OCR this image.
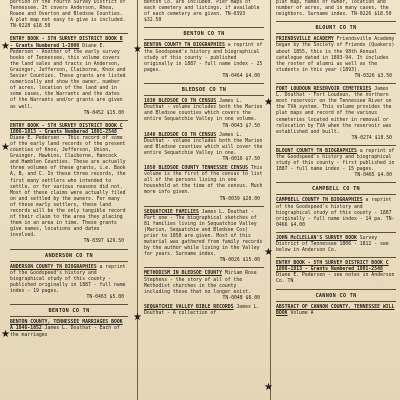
★
★
★
★
★
★
★
★
portion of the Fourth Survey District of Tennessee. It covers Anderson, Rhea, Roane and Overton and Bledsoe Counties. A plat map not easy to give is included. TN-0228 $18.50
ENTRY BOOK - 5TH SURVEY DISTRICT BOOK B - Grants Numbered 1-2000 Diane E. Pedersen - Another of the early survey books of Tennessee, this volume covers the land sales and tracts in Anderson, Grainger, Jefferson, Claiborne, Knox and Sevier Counties. These grants are listed numerically and show the owner, number of acres, location of the land and in some cases, the Warrants and the dates of the Warrants and/or grants are given as well.
TN-0452 $15.00
ENTRY BOOK - 5TH SURVEY DISTRICT BOOK C 1806-1813 - Grants Numbered 1801-2548 Diane E. Pedersen - This record of some of the early land records of the present counties of Knox, Jefferson, Union, Grainger, Hawkins, Claiborne, Hancock and Hamblen Counties. These are actually three volumes of these grants, i.e. Book A, B, and C. In these three records, the first many settlers who intended to settle, or for various reasons did not. Most of these claims were actually filed on and settled by the owners. For many of these early settlers, these land records will be the only tangible record of their claim to the area they placing them in an area in time. These grants give names, locations and dates involved.
TN-0397 $29.50
ANDERSON CO TN
ANDERSON COUNTY TN BIOGRAPHIES a reprint of the Goodspeed's history and biographical study of this county - published originally in 1887 - full name index - 19 pages.
TN-0463 $5.00
BENTON CO TN
BENTON COUNTY, TENNESSEE MARRIAGES BOOK A 1846-1852 James L. Douthat - Each of the marriages
Benton Co. are included. Pier maps of each cemetery and listings, if available of each cemetery are given. TN-0393 $32.50
BENTON CO TN
BENTON COUNTY TN BIOGRAPHIES a reprint of the Goodspeed's history and biographical study of this county - published originally in 1887 - full name index - 25 pages.
TN-0464 $4.00
BLEDSOE CO TN
1830 BLEDSOE CO TN CENSUS James L. Douthat - volume includes both the Marion and Bledsoe counties which covers the entire Sequatchie Valley in one volume.
TN-0043 $7.50
1840 BLEDSOE CO TN CENSUS James L. Douthat - volume includes both the Marion and Bledsoe counties which will cover the entire Sequatchie Valley in one.
TN-0016 $7.50
1850 BLEDSOE COUNTY TENNESSEE CENSUS This volume is the first of the census to list all of the persons living in one household at the time of the census. Much more info given.
TN-0039 $20.00
SEQUATCHIE FAMILIES James L. Douthat - Part one - The biographical sketches of 81 families living in Sequatchie Valley (Marion, Sequatchie and Bledsoe Cos) prior to 1850 are given. Most of this material was gathered from family records by the author while living in the Valley for years. Surname index.
TN-0026 $15.00
METHODISM IN BLEDSOE COUNTY Miriam Rose Stephens - the story of all of the Methodist churches in the county including those that no longer exist.
TN-0048 $6.00
SEQUATCHIE VALLEY BIBLE RECORDS James L. Douthat - A collection of
plat map, names of owner, location and number of acres, and in many cases, the neighbors. Surname index. TN-0226 $18.50
BLOUNT CO TN
FRIENDSVILLE ACADEMY Friendsville Academy began by the Society of Friends (Quakers) about 1855, this is the 98th Annual catalogue dated in 1893-94. It includes the roster of alumni as well as the students in this year (1893).
TN-0326 $3.50
FORT LOUDOUN RESERVOIR CEMETERIES James L. Douthat - Fort Loudoun, the northern most reservoir on the Tennessee River on the TVA system. This volume provides the plat maps and record of the various cemeteries located either in removal or relocation by TVA when the reservoir was established and built.
TN-0274 $18.50
BLOUNT COUNTY TN BIOGRAPHIES a reprint of the Goodspeed's history and biographical study of this county - first published in 1887 - full name index - 15 pages.
TN-0465 $4.00
CAMPBELL CO TN
CAMPBELL COUNTY TN BIOGRAPHIES a reprint of the Goodspeed's history and biographical study of this county - 1887 originally - full name index - 14 pa. TN-0466 $4.00
JOHN McCLELLAN'S SURVEY BOOK Survey District of Tennessee 1806 - 1812 - see below in Anderson Co.
ENTRY BOOK - 5TH SURVEY DISTRICT BOOK C 1806-1813 - Grants Numbered 1801-2548 Diane E. Pedersen - see notes in Anderson Co. TN
CANNON CO TN
ABSTRACT OF CANNON COUNTY, TENNESSEE WILL BOOK Volume A
